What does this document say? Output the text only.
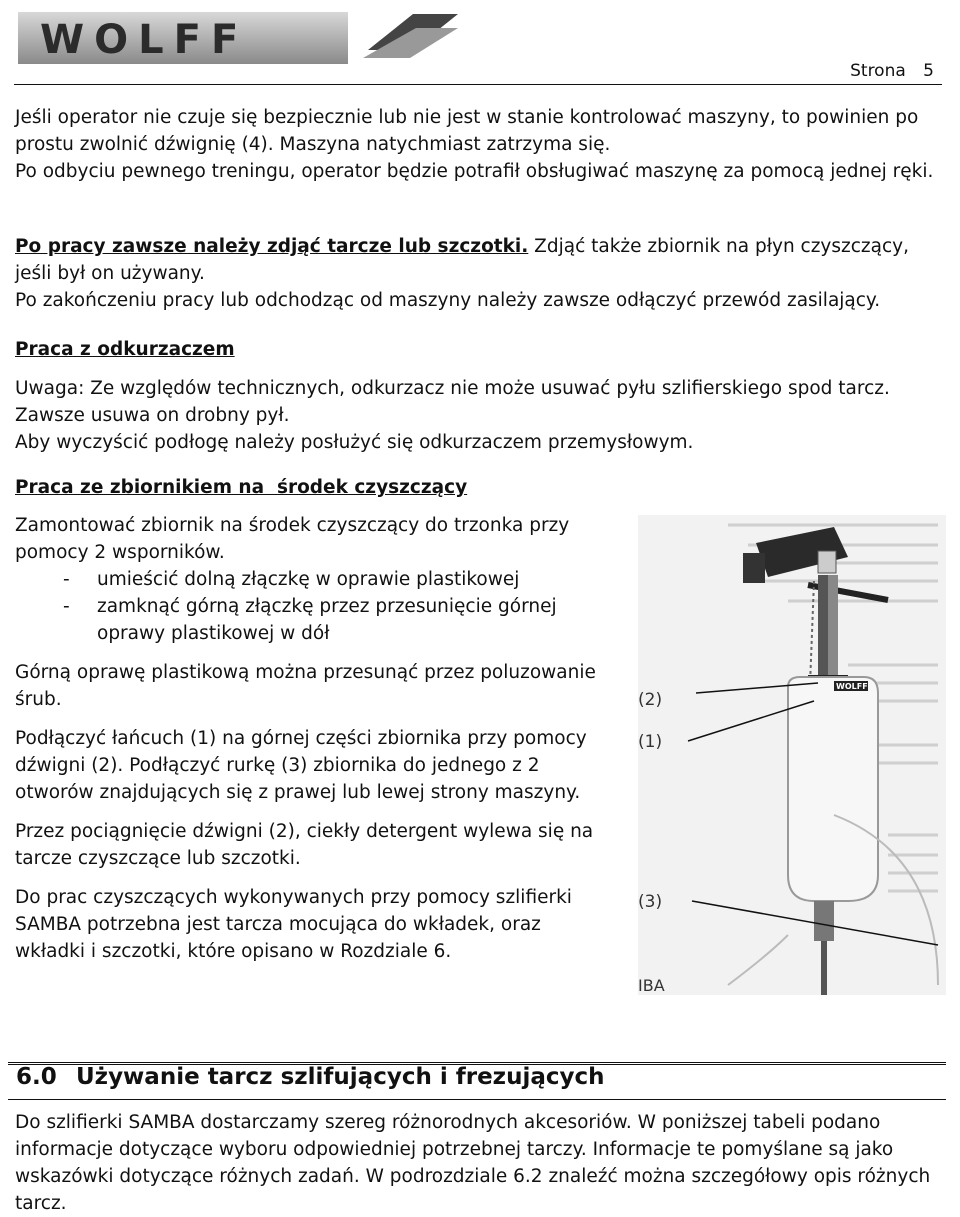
WOLFF
Strona 5

Jeśli operator nie czuje się bezpiecznie lub nie jest w stanie kontrolować maszyny, to powinien po prostu zwolnić dźwignię (4). Maszyna natychmiast zatrzyma się.

Po odbyciu pewnego treningu, operator będzie potrafił obsługiwać maszynę za pomocą jednej ręki.

Po pracy zawsze należy zdjąć tarcze lub szczotki. Zdjąć także zbiornik na płyn czyszczący, jeśli był on używany.

Po zakończeniu pracy lub odchodząc od maszyny należy zawsze odłączyć przewód zasilający.

Praca z odkurzaczem

Uwaga: Ze względów technicznych, odkurzacz nie może usuwać pyłu szlifierskiego spod tarcz.

Zawsze usuwa on drobny pył.

Aby wyczyścić podłogę należy posłużyć się odkurzaczem przemysłowym.

Praca ze zbiornikiem na  środek czyszczący

Zamontować zbiornik na środek czyszczący do trzonka przy pomocy 2 wsporników.

- umieścić dolną złączkę w oprawie plastikowej
- zamknąć górną złączkę przez przesunięcie górnej oprawy plastikowej w dół

Górną oprawę plastikową można przesunąć przez poluzowanie śrub.

Podłączyć łańcuch (1) na górnej części zbiornika przy pomocy dźwigni (2). Podłączyć rurkę (3) zbiornika do jednego z 2 otworów znajdujących się z prawej lub lewej strony maszyny.

Przez pociągnięcie dźwigni (2), ciekły detergent wylewa się na tarcze czyszczące lub szczotki.

Do prac czyszczących wykonywanych przy pomocy szlifierki SAMBA potrzebna jest tarcza mocująca do wkładek, oraz wkładki i szczotki, które opisano w Rozdziale 6.

WOLFF
(2)
(1)
(3)
IBA
6.0 Używanie tarcz szlifujących i frezujących

Do szlifierki SAMBA dostarczamy szereg różnorodnych akcesoriów. W poniższej tabeli podano informacje dotyczące wyboru odpowiedniej potrzebnej tarczy. Informacje te pomyślane są jako wskazówki dotyczące różnych zadań. W podrozdziale 6.2 znaleźć można szczegółowy opis różnych tarcz.
